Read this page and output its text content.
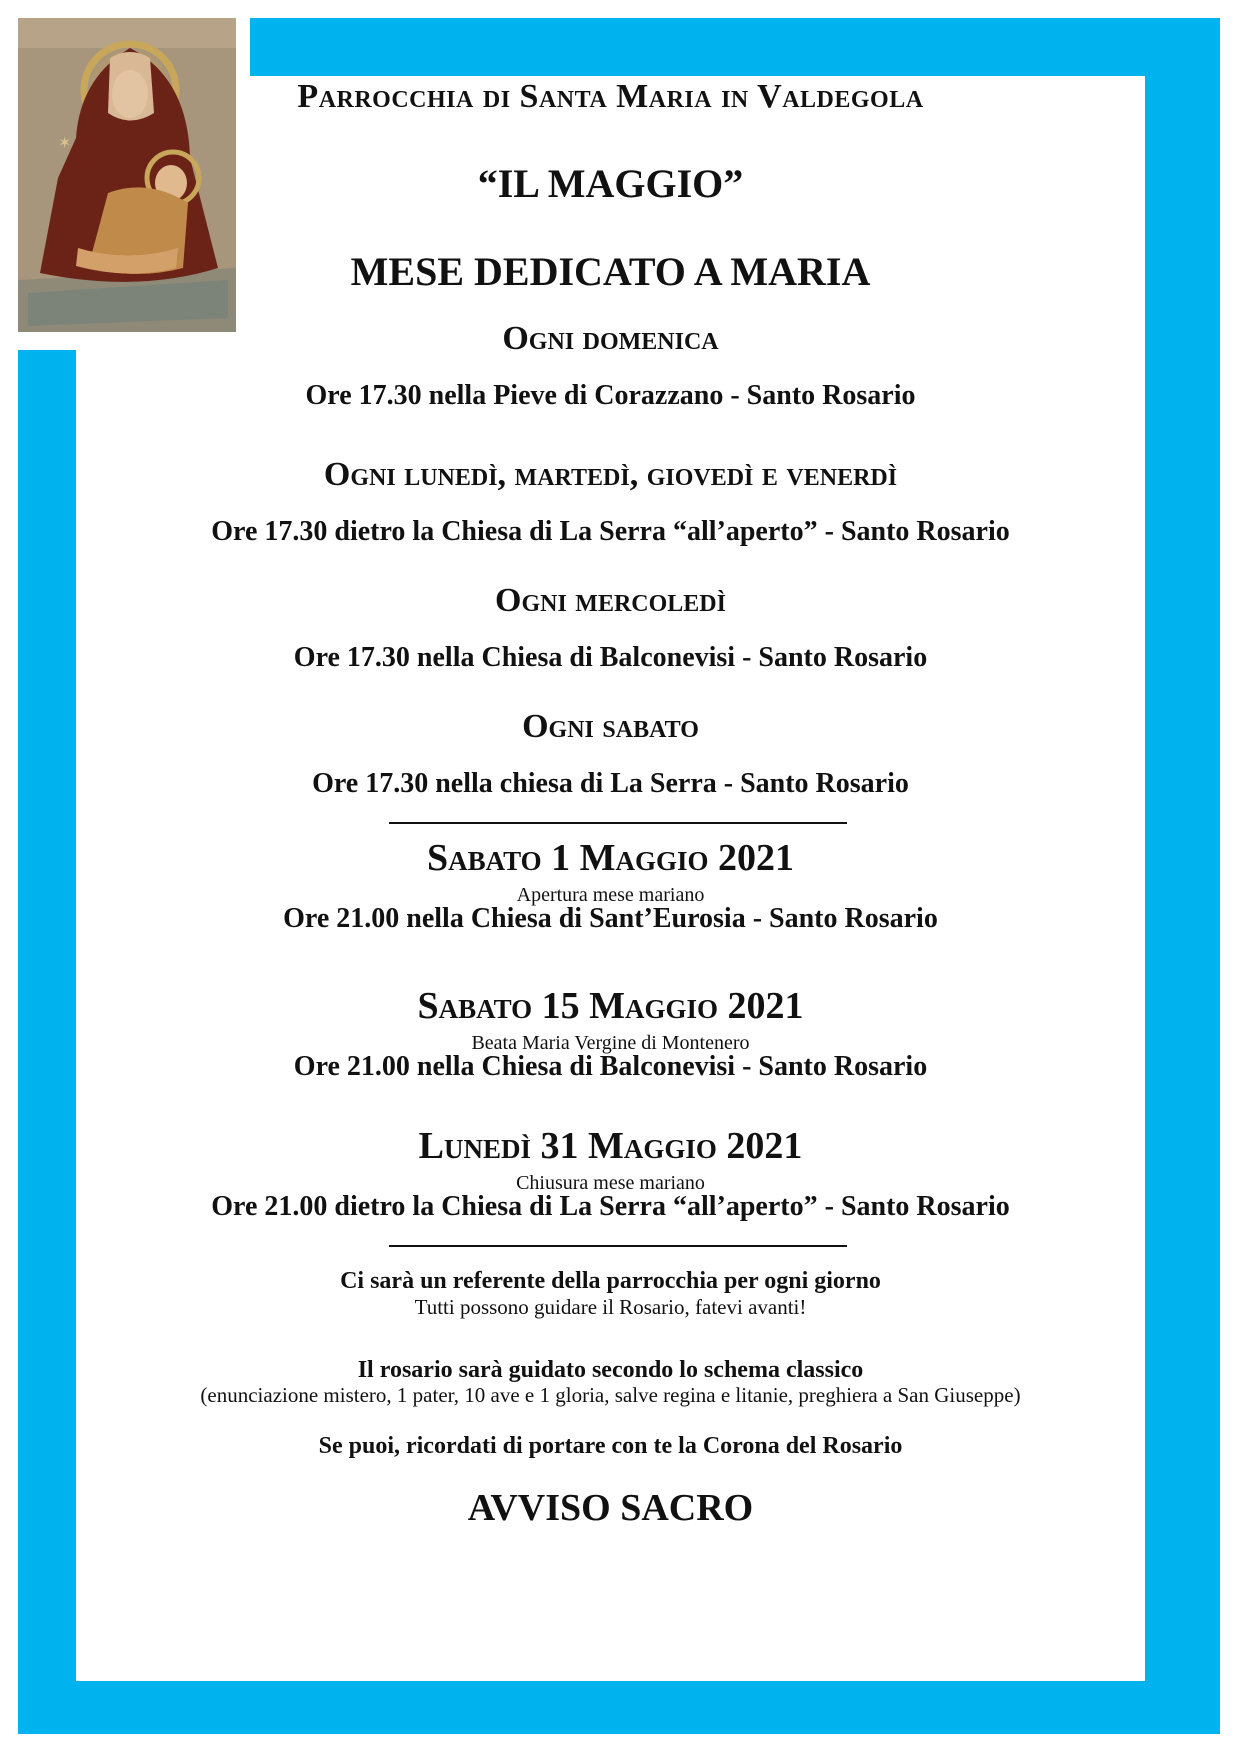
✶
Parrocchia di Santa Maria in Valdegola
“IL MAGGIO”
MESE DEDICATO A MARIA
Ogni domenica
Ore 17.30 nella Pieve di Corazzano - Santo Rosario
Ogni lunedì, martedì, giovedì e venerdì
Ore 17.30 dietro la Chiesa di La Serra “all’aperto” - Santo Rosario
Ogni mercoledì
Ore 17.30 nella Chiesa di Balconevisi - Santo Rosario
Ogni sabato
Ore 17.30 nella chiesa di La Serra - Santo Rosario
Sabato 1 Maggio 2021
Apertura mese mariano
Ore 21.00 nella Chiesa di Sant’Eurosia - Santo Rosario
Sabato 15 Maggio 2021
Beata Maria Vergine di Montenero
Ore 21.00 nella Chiesa di Balconevisi - Santo Rosario
Lunedì 31 Maggio 2021
Chiusura mese mariano
Ore 21.00 dietro la Chiesa di La Serra “all’aperto” - Santo Rosario
Ci sarà un referente della parrocchia per ogni giorno
Tutti possono guidare il Rosario, fatevi avanti!
Il rosario sarà guidato secondo lo schema classico
(enunciazione mistero, 1 pater, 10 ave e 1 gloria, salve regina e litanie, preghiera a San Giuseppe)
Se puoi, ricordati di portare con te la Corona del Rosario
AVVISO SACRO
